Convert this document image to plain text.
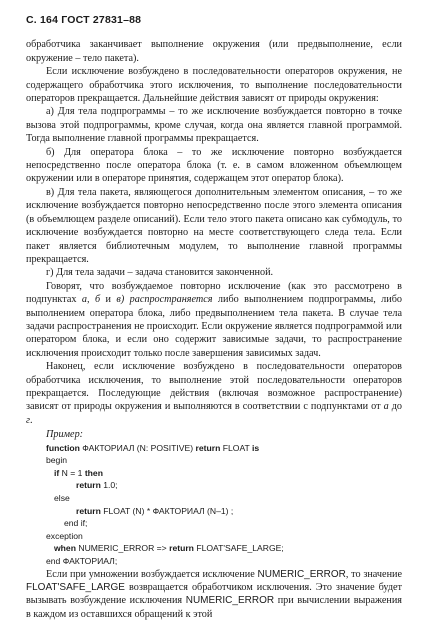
С. 164 ГОСТ 27831–88

обработчика заканчивает выполнение окружения (или предвыполнение, если окружение – тело пакета).

Если исключение возбуждено в последовательности операторов окружения, не содержащего обработчика этого исключения, то выполнение последовательности операторов прекращается. Дальнейшие действия зависят от природы окружения:

а) Для тела подпрограммы – то же исключение возбуждается повторно в точке вызова этой подпрограммы, кроме случая, когда она является главной программой. Тогда выполнение главной программы прекращается.

б) Для оператора блока – то же исключение повторно возбуждается непосредственно после оператора блока (т. е. в самом вложенном объемлющем окружении или в операторе принятия, содержащем этот оператор блока).

в) Для тела пакета, являющегося дополнительным элементом описания, – то же исключение возбуждается повторно непосредственно после этого элемента описания (в объемлющем разделе описаний). Если тело этого пакета описано как субмодуль, то исключение возбуждается повторно на месте соответствующего следа тела. Если пакет является библиотечным модулем, то выполнение главной программы прекращается.

г) Для тела задачи – задача становится законченной.

Говорят, что возбуждаемое повторно исключение (как это рассмотрено в подпунктах а, б и в) распространяется либо выполнением подпрограммы, либо выполнением оператора блока, либо предвыполнением тела пакета. В случае тела задачи распространения не происходит. Если окружение является подпрограммой или оператором блока, и если оно содержит зависимые задачи, то распространение исключения происходит только после завершения зависимых задач.

Наконец, если исключение возбуждено в последовательности операторов обработчика исключения, то выполнение этой последовательности операторов прекращается. Последующие действия (включая возможное распространение) зависят от природы окружения и выполняются в соответствии с подпунктами от а до г.

Пример:

function ФАКТОРИАЛ (N: POSITIVE) return FLOAT is
begin
if N = 1 then
return 1.0;
else
return FLOAT (N) * ФАКТОРИАЛ (N–1) ;
end if;
exception
when NUMERIC_ERROR => return FLOAT'SAFE_LARGE;
end ФАКТОРИАЛ;

Если при умножении возбуждается исключение NUMERIC_ERROR, то значение FLOAT'SAFE_LARGE возвращается обработчиком исключения. Это значение будет вызывать возбуждение исключения NUMERIC_ERROR при вычислении выражения в каждом из оставшихся обращений к этой
